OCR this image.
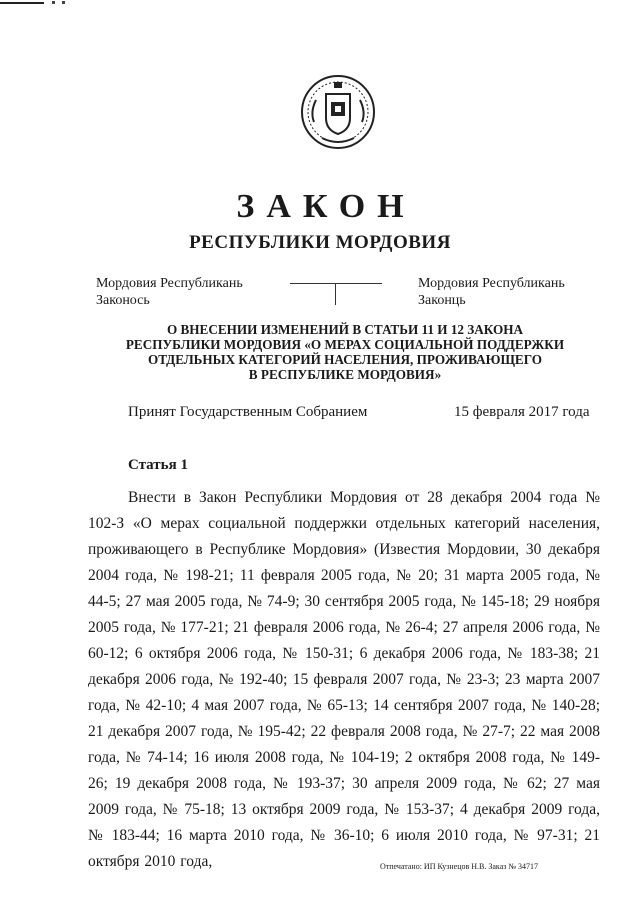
ЗАКОН
РЕСПУБЛИКИ МОРДОВИЯ
Мордовия Республикань
Законось
Мордовия Республикань
Законць
О ВНЕСЕНИИ ИЗМЕНЕНИЙ В СТАТЬИ 11 И 12 ЗАКОНА
РЕСПУБЛИКИ МОРДОВИЯ «О МЕРАХ СОЦИАЛЬНОЙ ПОДДЕРЖКИ
ОТДЕЛЬНЫХ КАТЕГОРИЙ НАСЕЛЕНИЯ, ПРОЖИВАЮЩЕГО
В РЕСПУБЛИКЕ МОРДОВИЯ»
Принят Государственным Собранием	15 февраля 2017 года
Статья 1
Внести в Закон Республики Мордовия от 28 декабря 2004 года № 102-З «О мерах социальной поддержки отдельных категорий населения, проживающего в Республике Мордовия» (Известия Мордовии, 30 декабря 2004 года, № 198-21; 11 февраля 2005 года, № 20; 31 марта 2005 года, № 44-5; 27 мая 2005 года, № 74-9; 30 сентября 2005 года, № 145-18; 29 ноября 2005 года, № 177-21; 21 февраля 2006 года, № 26-4; 27 апреля 2006 года, № 60-12; 6 октября 2006 года, № 150-31; 6 декабря 2006 года, № 183-38; 21 декабря 2006 года, № 192-40; 15 февраля 2007 года, № 23-3; 23 марта 2007 года, № 42-10; 4 мая 2007 года, № 65-13; 14 сентября 2007 года, № 140-28; 21 декабря 2007 года, № 195-42; 22 февраля 2008 года, № 27-7; 22 мая 2008 года, № 74-14; 16 июля 2008 года, № 104-19; 2 октября 2008 года, № 149-26; 19 декабря 2008 года, № 193-37; 30 апреля 2009 года, № 62; 27 мая 2009 года, № 75-18; 13 октября 2009 года, № 153-37; 4 декабря 2009 года, № 183-44; 16 марта 2010 года, № 36-10; 6 июля 2010 года, № 97-31; 21 октября 2010 года,	Отпечатано: ИП Кузнецов Н.В. Заказ № 34717
